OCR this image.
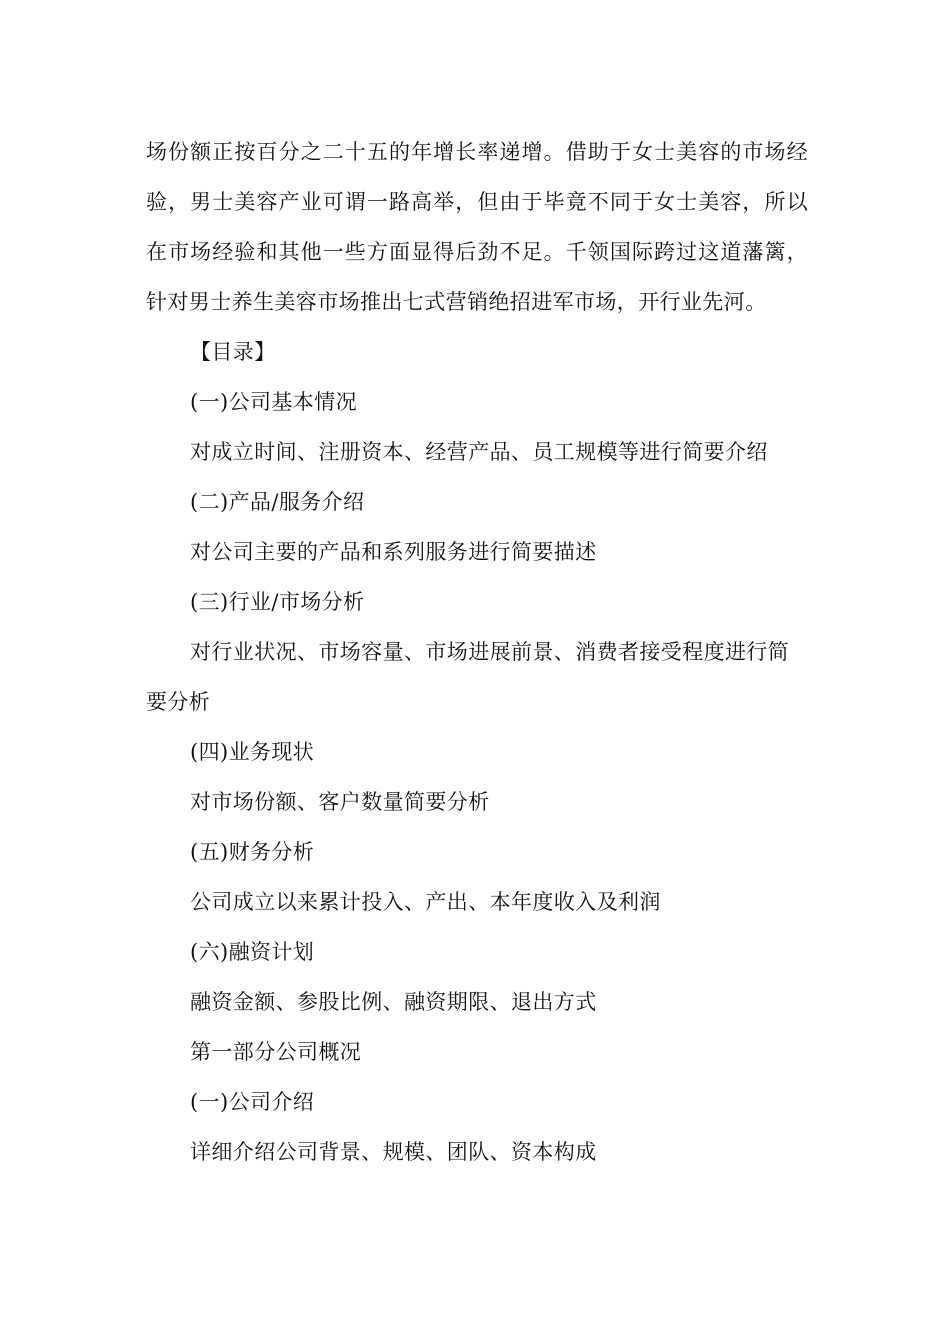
场份额正按百分之二十五的年增长率递增。借助于女士美容的市场经验，男士美容产业可谓一路高举，但由于毕竟不同于女士美容，所以在市场经验和其他一些方面显得后劲不足。千领国际跨过这道藩篱，针对男士养生美容市场推出七式营销绝招进军市场，开行业先河。

【目录】

(一)公司基本情况

对成立时间、注册资本、经营产品、员工规模等进行简要介绍

(二)产品/服务介绍

对公司主要的产品和系列服务进行简要描述

(三)行业/市场分析

对行业状况、市场容量、市场进展前景、消费者接受程度进行简要分析

(四)业务现状

对市场份额、客户数量简要分析

(五)财务分析

公司成立以来累计投入、产出、本年度收入及利润

(六)融资计划

融资金额、参股比例、融资期限、退出方式

第一部分公司概况

(一)公司介绍

详细介绍公司背景、规模、团队、资本构成
